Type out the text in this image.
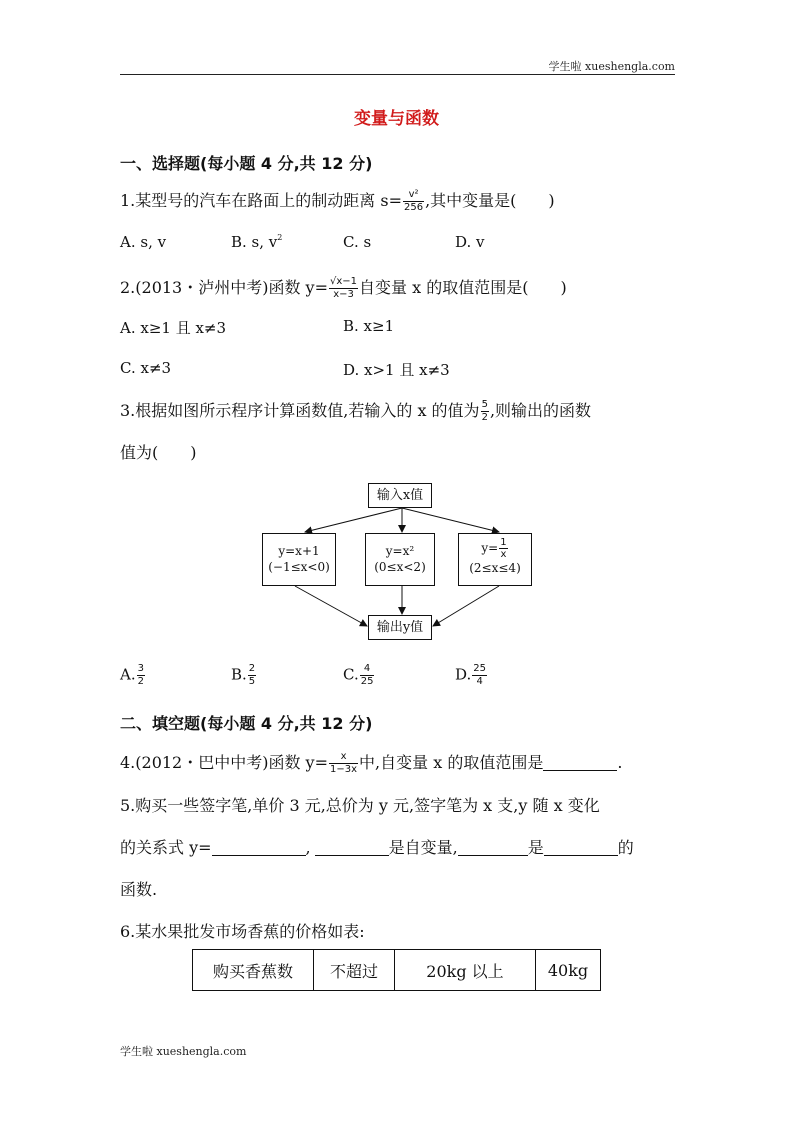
学生啦 xueshengla.com
变量与函数
一、选择题(每小题 4 分,共 12 分)
1.某型号的汽车在路面上的制动距离 $s= \frac{\text{v²}}{256}$ ,其中变量是(　　)
A. s, v	B. s, $v^2$	C. s	D. v
2.(2013・泸州中考)函数 $y= \frac{√x-1}{x-3}$ 自变量 x 的取值范围是(　　)
A. x≥1 且 x≠3	B. x≥1
C. x≠3	D. x>1 且 x≠3
3.根据如图所示程序计算函数值,若输入的 x 的值为 $\frac{5}{2}$ ,则输出的函数
值为(　　)
输入x值
y=x+1
(−1≤x<0)
y=x²
(0≤x<2)
$y= \frac{1}{x}$
(2≤x≤4)
输出y值
A. $\frac{3}{2}$	B. $\frac{2}{5}$	C. $\frac{4}{25}$	D. $\frac{25}{4}$
二、填空题(每小题 4 分,共 12 分)
4.(2012・巴中中考)函数 $y= \frac{x}{1-3x}$ 中,自变量 x 的取值范围是	.
5.购买一些签字笔,单价 3 元,总价为 y 元,签字笔为 x 支,y 随 x 变化
的关系式 y=	,	是自变量,	是	的
函数.
6.某水果批发市场香蕉的价格如表:
购买香蕉数	不超过	20kg 以上	40kg
学生啦 xueshengla.com
